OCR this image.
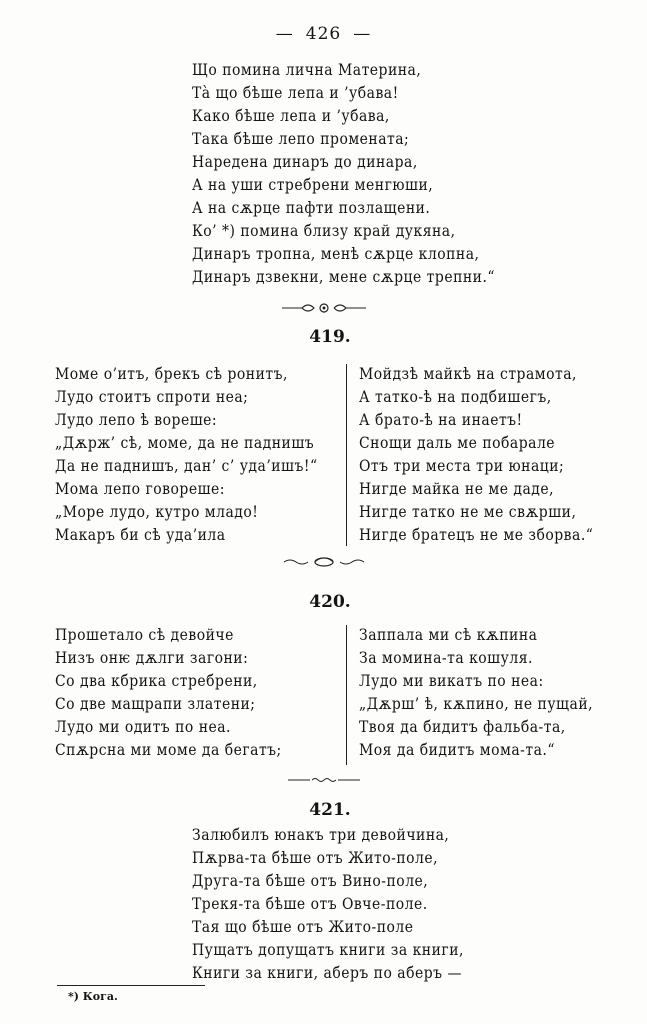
— 426 —
Що помина лична Материна,
Тà що бѣше лепа и ’убава!
Како бѣше лепа и ’убава,
Така бѣше лепо промената;
Наредена динаръ до динара,
А на уши стребрени менгюши,
А на сѫрце пафти позлащени.
Ко’ *) помина близу край дукяна,
Динаръ тропна, менѣ сѫрце клопна,
Динаръ дзвекни, мене сѫрце трепни.“
419.
Моме о’итъ, брекъ сѣ ронитъ,
Лудо стоитъ спроти неа;
Лудо лепо ѣ вореше:
„Дѫрж’ сѣ, моме, да не паднишъ
Да не паднишъ, дан’ с’ уда’ишъ!“
Мома лепо говореше:
„Море лудо, кутро младо!
Макаръ би сѣ уда’ила
Мойдзѣ майкѣ на страмота,
А татко-ѣ на подбишегъ,
А брато-ѣ на инаетъ!
Снощи даль ме побарале
Отъ три места три юнаци;
Нигде майка не ме даде,
Нигде татко не ме свѫрши,
Нигде братецъ не ме зборва.“
420.
Прошетало сѣ девойче
Низъ онѥ дѫлги загони:
Со два кбрика стребрени,
Со две мащрапи златени;
Лудо ми одитъ по неа.
Спѫрсна ми моме да бегатъ;
Заппала ми сѣ кѫпина
За момина-та кошуля.
Лудо ми викатъ по неа:
„Дѫрш’ ѣ, кѫпино, не пущай,
Твоя да бидитъ фальба-та,
Моя да бидитъ мома-та.“
421.
Залюбилъ юнакъ три девойчина,
Пѫрва-та бѣше отъ Жито-поле,
Друга-та бѣше отъ Вино-поле,
Трекя-та бѣше отъ Овче-поле.
Тая що бѣше отъ Жито-поле
Пущатъ допущатъ книги за книги,
Книги за книги, аберъ по аберъ —
*) Кога.
